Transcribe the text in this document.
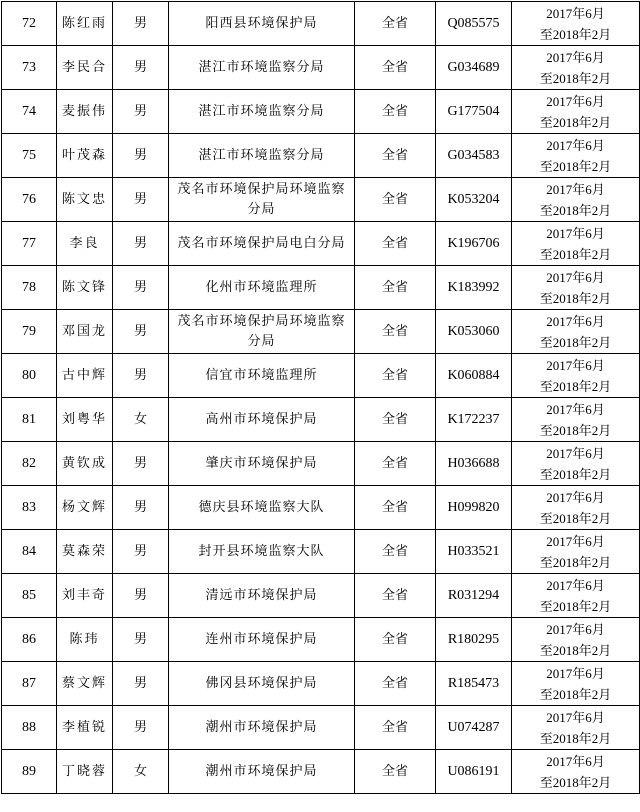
72	陈红雨	男	阳西县环境保护局	全省	Q085575	2017年6月
至2018年2月

73	李民合	男	湛江市环境监察分局	全省	G034689	2017年6月
至2018年2月

74	麦振伟	男	湛江市环境监察分局	全省	G177504	2017年6月
至2018年2月

75	叶茂森	男	湛江市环境监察分局	全省	G034583	2017年6月
至2018年2月

76	陈文忠	男	茂名市环境保护局环境监察分局	全省	K053204	2017年6月
至2018年2月

77	李良	男	茂名市环境保护局电白分局	全省	K196706	2017年6月
至2018年2月

78	陈文锋	男	化州市环境监理所	全省	K183992	2017年6月
至2018年2月

79	邓国龙	男	茂名市环境保护局环境监察分局	全省	K053060	2017年6月
至2018年2月

80	古中辉	男	信宜市环境监理所	全省	K060884	2017年6月
至2018年2月

81	刘粤华	女	高州市环境保护局	全省	K172237	2017年6月
至2018年2月

82	黄钦成	男	肇庆市环境保护局	全省	H036688	2017年6月
至2018年2月

83	杨文辉	男	德庆县环境监察大队	全省	H099820	2017年6月
至2018年2月

84	莫森荣	男	封开县环境监察大队	全省	H033521	2017年6月
至2018年2月

85	刘丰奇	男	清远市环境保护局	全省	R031294	2017年6月
至2018年2月

86	陈玮	男	连州市环境保护局	全省	R180295	2017年6月
至2018年2月

87	蔡文辉	男	佛冈县环境保护局	全省	R185473	2017年6月
至2018年2月

88	李植锐	男	潮州市环境保护局	全省	U074287	2017年6月
至2018年2月

89	丁晓蓉	女	潮州市环境保护局	全省	U086191	2017年6月
至2018年2月
